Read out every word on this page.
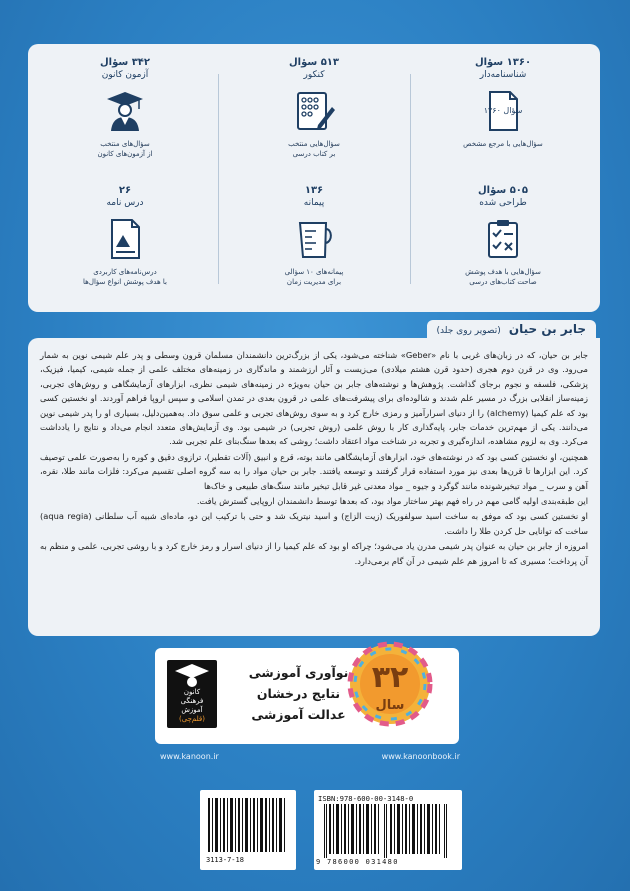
۱۳۶۰ سؤال
شناسنامه‌دار
۱۳۶۰ سؤال
سؤال‌هایی با مرجع مشخص
۵۱۳ سؤال
کنکور
سؤال‌هایی منتخب
بر کتاب درسی
۳۴۲ سؤال
آزمون کانون
سؤال‌های منتخب
از آزمون‌های کانون
۵۰۵ سؤال
طراحی شده
سؤال‌هایی با هدف پوشش
صاحت کتاب‌های درسی
۱۳۶
پیمانه
پیمانه‌های ۱۰ سؤالی
برای مدیریت زمان
۲۶
درس نامه
درس‌نامه‌های کاربردی
با هدف پوشش انواع سؤال‌ها
جابر بن حیان (تصویر روی جلد)

جابر بن حیان، که در زبان‌های غربی با نام «Geber» شناخته می‌شود، یکی از بزرگ‌ترین دانشمندان مسلمان قرون وسطی و پدر علم شیمی نوین به شمار می‌رود. وی در قرن دوم هجری (حدود قرن هشتم میلادی) می‌زیست و آثار ارزشمند و ماندگاری در زمینه‌های مختلف علمی از جمله شیمی، کیمیا، فیزیک، پزشکی، فلسفه و نجوم برجای گذاشت. پژوهش‌ها و نوشته‌های جابر بن حیان به‌ویژه در زمینه‌های شیمی نظری، ابزارهای آزمایشگاهی و روش‌های تجربی، زمینه‌ساز انقلابی بزرگ در مسیر علم شدند و شالوده‌ای برای پیشرفت‌های علمی در قرون بعدی در تمدن اسلامی و سپس اروپا فراهم آوردند. او نخستین کسی بود که علم کیمیا (alchemy) را از دنیای اسرارآمیز و رمزی خارج کرد و به سوی روش‌های تجربی و علمی سوق داد. به‌همین‌دلیل، بسیاری او را پدر شیمی نوین می‌دانند. یکی از مهم‌ترین خدمات جابر، پایه‌گذاری کار با روش علمی (روش تجربی) در شیمی بود. وی آزمایش‌های متعدد انجام می‌داد و نتایج را یادداشت می‌کرد. وی به لزوم مشاهده، اندازه‌گیری و تجربه در شناخت مواد اعتقاد داشت؛ روشی که بعدها سنگ‌بنای علم تجربی شد.

همچنین، او نخستین کسی بود که در نوشته‌های خود، ابزارهای آزمایشگاهی مانند بوته، قرع و انبیق (آلات تقطیر)، ترازوی دقیق و کوره را به‌صورت علمی توصیف کرد. این ابزارها تا قرن‌ها بعدی نیز مورد استفاده قرار گرفتند و توسعه یافتند. جابر بن حیان مواد را به سه گروه اصلی تقسیم می‌کرد: فلزات مانند طلا، نقره، آهن و سرب _ مواد تبخیرشونده مانند گوگرد و جیوه _ مواد معدنی غیر قابل تبخیر مانند سنگ‌های طبیعی و خاک‌ها

این طبقه‌بندی اولیه گامی مهم در راه فهم بهتر ساختار مواد بود، که بعدها توسط دانشمندان اروپایی گسترش یافت.

او نخستین کسی بود که موفق به ساخت اسید سولفوریک (زیت الزاج) و اسید نیتریک شد و حتی با ترکیب این دو، ماده‌ای شبیه آب سلطانی (aqua regia) ساخت که توانایی حل کردن طلا را داشت.

امروزه از جابر بن حیان به عنوان پدر شیمی مدرن یاد می‌شود؛ چراکه او بود که علم کیمیا را از دنیای اسرار و رمز خارج کرد و با روشی تجربی، علمی و منظم به آن پرداخت؛ مسیری که تا امروز هم علم شیمی در آن گام برمی‌دارد.

کانون
فرهنگی
آموزش
(قلم‌چی)
نوآوری آموزشی
نتایج درخشان
عدالت آموزشی
۳۲
سال
www.kanoon.ir	www.kanoonbook.ir
3113-7-18
ISBN:978-600-00-3148-0
9 786000 031480
